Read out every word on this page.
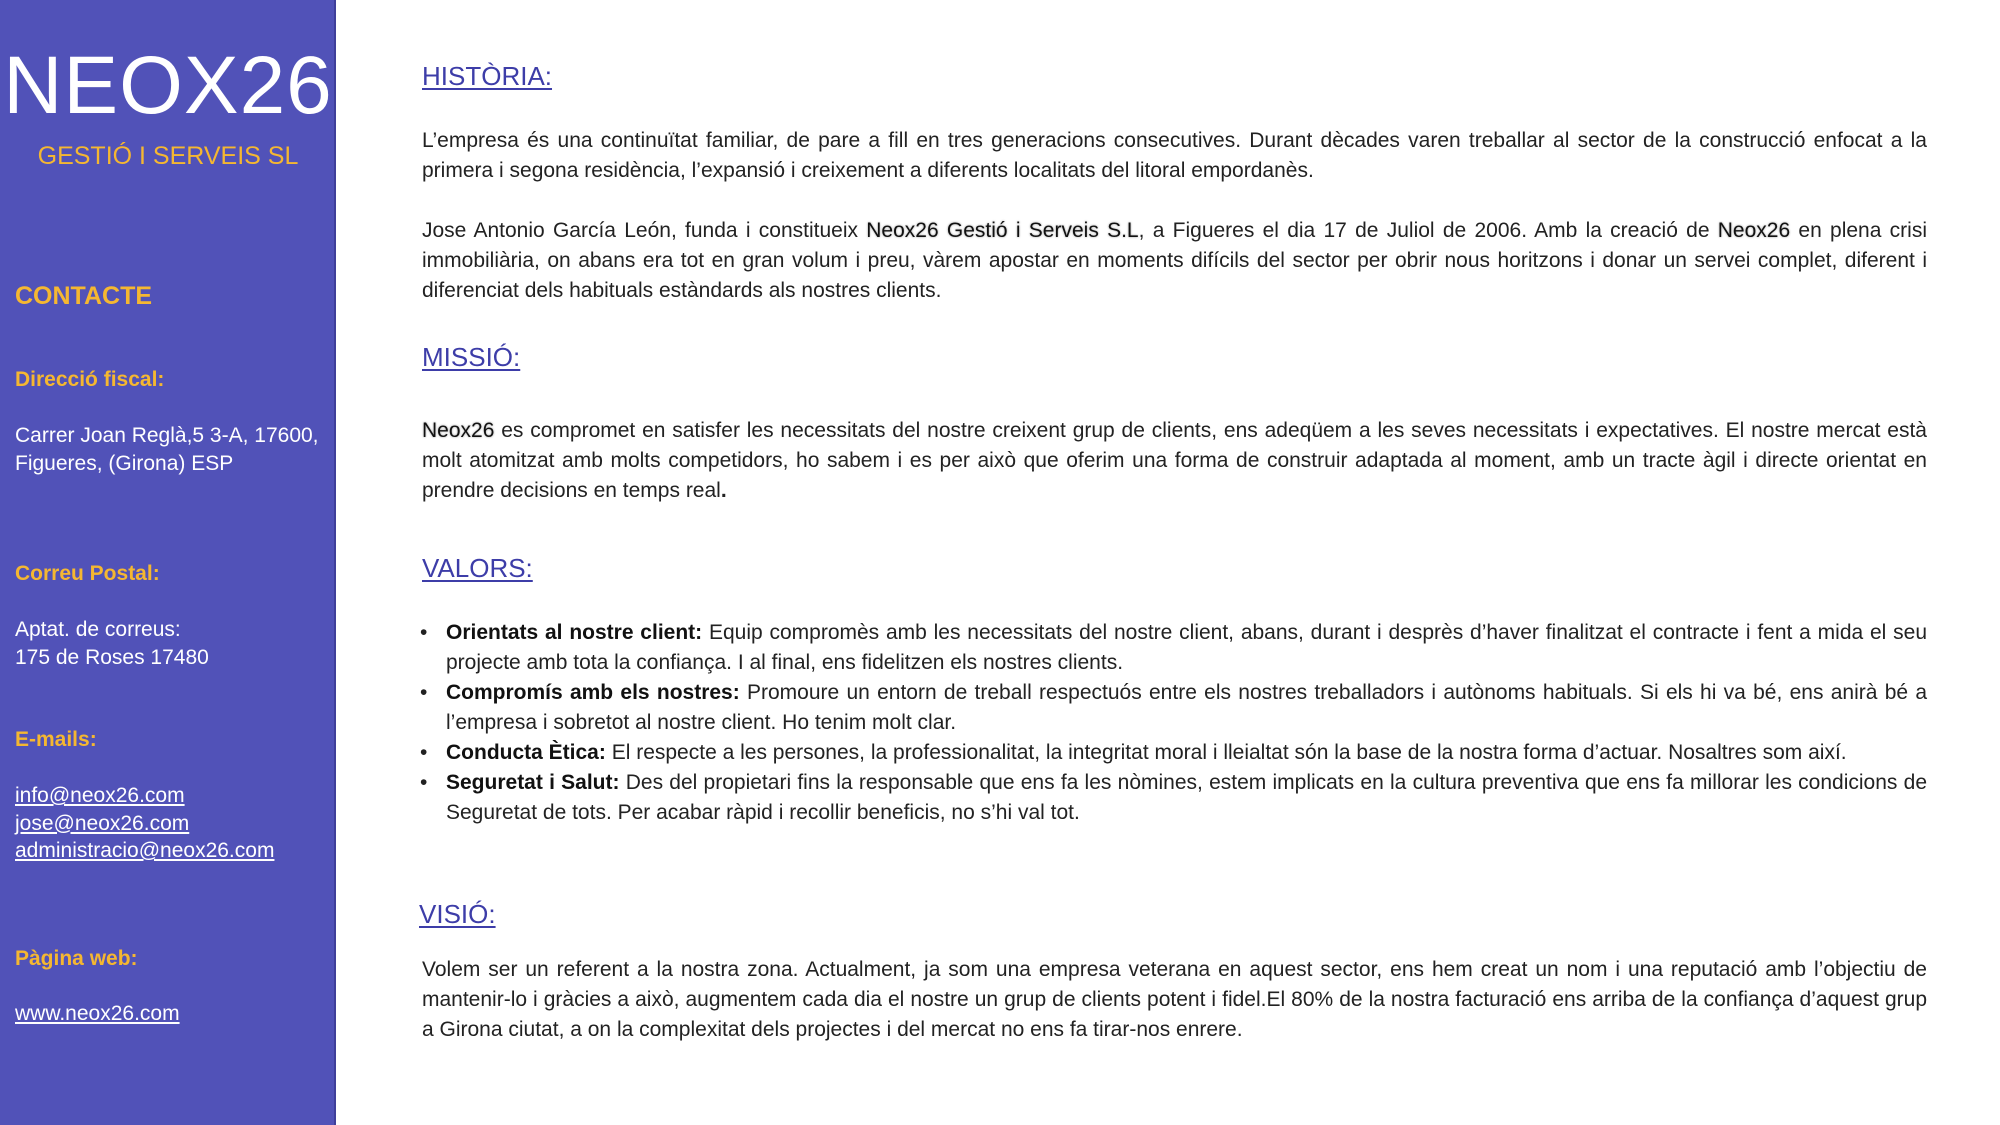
NEOX26
GESTIÓ I SERVEIS SL
CONTACTE
Direcció fiscal:
Carrer Joan Reglà,5 3-A, 17600,
Figueres, (Girona) ESP
Correu Postal:
Aptat. de correus:
175 de Roses 17480
E-mails:
info@neox26.com
jose@neox26.com
administracio@neox26.com
Pàgina web:
www.neox26.com
HISTÒRIA:
L’empresa és una continuïtat familiar, de pare a fill en tres generacions consecutives. Durant dècades varen treballar al sector de la construcció enfocat a la primera i segona residència, l’expansió i creixement a diferents localitats del litoral empordanès.
Jose Antonio García León, funda i constitueix Neox26 Gestió i Serveis S.L, a Figueres el dia 17 de Juliol de 2006. Amb la creació de Neox26 en plena crisi immobiliària, on abans era tot en gran volum i preu, vàrem apostar en moments difícils del sector per obrir nous horitzons i donar un servei complet, diferent i diferenciat dels habituals estàndards als nostres clients.
MISSIÓ:
Neox26 es compromet en satisfer les necessitats del nostre creixent grup de clients, ens adeqüem a les seves necessitats i expectatives. El nostre mercat està molt atomitzat amb molts competidors, ho sabem i es per això que oferim una forma de construir adaptada al moment, amb un tracte àgil i directe orientat en prendre decisions en temps real.
VALORS:
• Orientats al nostre client: Equip compromès amb les necessitats del nostre client, abans, durant i desprès d’haver finalitzat el contracte i fent a mida el seu projecte amb tota la confiança. I al final, ens fidelitzen els nostres clients.
• Compromís amb els nostres: Promoure un entorn de treball respectuós entre els nostres treballadors i autònoms habituals. Si els hi va bé, ens anirà bé a l’empresa i sobretot al nostre client. Ho tenim molt clar.
• Conducta Ètica: El respecte a les persones, la professionalitat, la integritat moral i lleialtat són la base de la nostra forma d’actuar. Nosaltres som així.
• Seguretat i Salut: Des del propietari fins la responsable que ens fa les nòmines, estem implicats en la cultura preventiva que ens fa millorar les condicions de Seguretat de tots. Per acabar ràpid i recollir beneficis, no s’hi val tot.
VISIÓ:
Volem ser un referent a la nostra zona. Actualment, ja som una empresa veterana en aquest sector, ens hem creat un nom i una reputació amb l’objectiu de mantenir-lo i gràcies a això, augmentem cada dia el nostre un grup de clients potent i fidel.El 80% de la nostra facturació ens arriba de la confiança d’aquest grup a Girona ciutat, a on la complexitat dels projectes i del mercat no ens fa tirar-nos enrere.
